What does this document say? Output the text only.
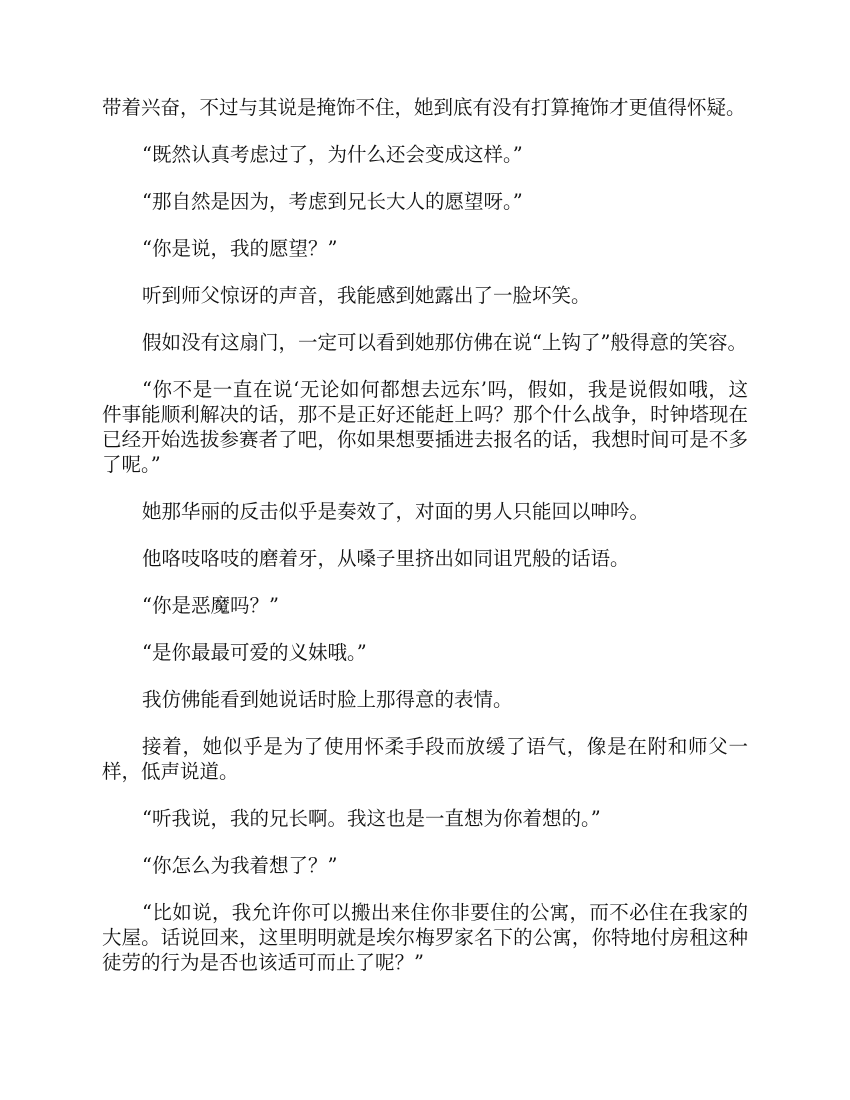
带着兴奋，不过与其说是掩饰不住，她到底有没有打算掩饰才更值得怀疑。

“既然认真考虑过了，为什么还会变成这样。”

“那自然是因为，考虑到兄长大人的愿望呀。”

“你是说，我的愿望？”

听到师父惊讶的声音，我能感到她露出了一脸坏笑。

假如没有这扇门，一定可以看到她那仿佛在说“上钩了”般得意的笑容。

“你不是一直在说‘无论如何都想去远东’吗，假如，我是说假如哦，这件事能顺利解决的话，那不是正好还能赶上吗？那个什么战争，时钟塔现在已经开始选拔参赛者了吧，你如果想要插进去报名的话，我想时间可是不多了呢。”

她那华丽的反击似乎是奏效了，对面的男人只能回以呻吟。

他咯吱咯吱的磨着牙，从嗓子里挤出如同诅咒般的话语。

“你是恶魔吗？”

“是你最最可爱的义妹哦。”

我仿佛能看到她说话时脸上那得意的表情。

接着，她似乎是为了使用怀柔手段而放缓了语气，像是在附和师父一样，低声说道。

“听我说，我的兄长啊。我这也是一直想为你着想的。”

“你怎么为我着想了？”

“比如说，我允许你可以搬出来住你非要住的公寓，而不必住在我家的大屋。话说回来，这里明明就是埃尔梅罗家名下的公寓，你特地付房租这种徒劳的行为是否也该适可而止了呢？”
